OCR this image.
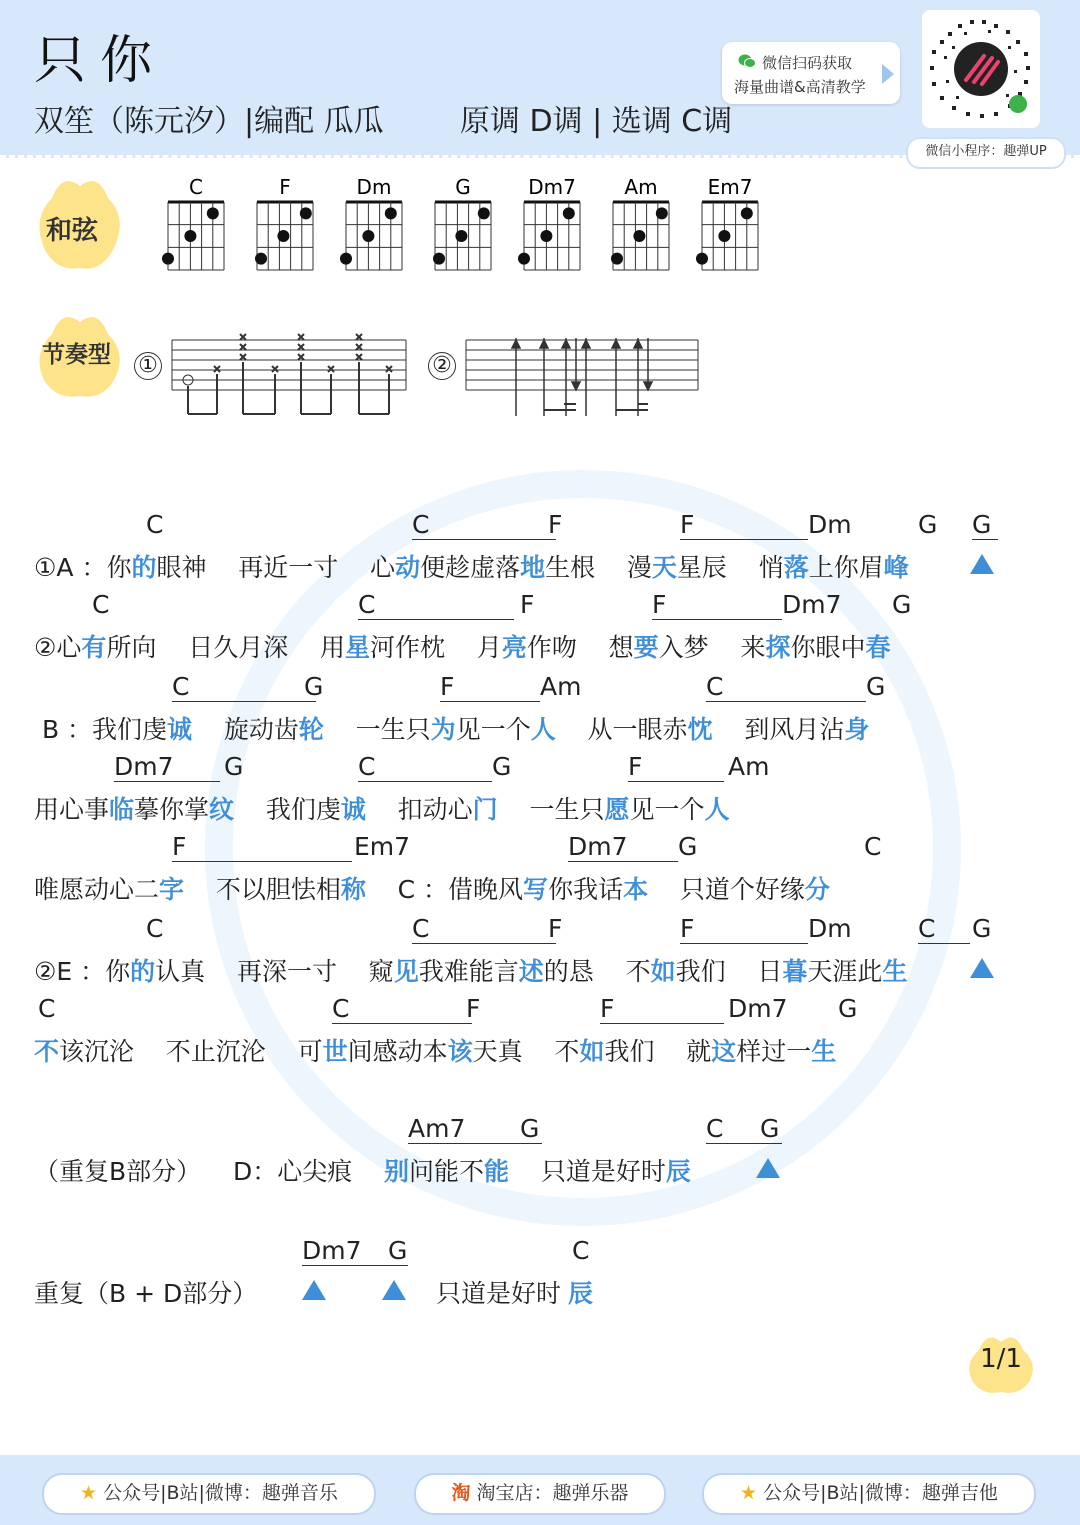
只你
双笙（陈元汐）|编配 瓜瓜        原调 D调 | 选调 C调
微信扫码获取
海量曲谱&高清教学
微信小程序：趣弹UP
和弦
C	F	Dm	G	Dm7 Am Em7
节奏型 ①	②
C	C	F	F	Dm	G G
①A ：你的眼神    再近一寸    心动便趁虚落地生根    漫天星辰    悄落上你眉峰
C	C	F	F	Dm7 G
②心有所向    日久月深    用星河作枕    月亮作吻    想要入梦    来探你眼中春
C	G	F	Am	C	G
B ：我们虔诚    旋动齿轮    一生只为见一个人    从一眼赤忱    到风月沾身
Dm7	G	C	G	F	Am
用心事临摹你掌纹    我们虔诚    扣动心门    一生只愿见一个人
F	Em7	Dm7	G	C
唯愿动心二字    不以胆怯相称    C ：借晚风写你我话本    只道个好缘分
C	C	F	F	Dm	C	G
②E ：你的认真    再深一寸    窥见我难能言述的恳    不如我们    日暮天涯此生
C	C	F	F	Dm7 G
不该沉沦    不止沉沦    可世间感动本该天真    不如我们    就这样过一生
Am7	G	C	G
（重复B部分）    D：心尖痕    别问能不能    只道是好时辰
Dm7	G	C
重复（B + D部分）	只道是好时 辰
1/1
★ 公众号|B站|微博：趣弹音乐	淘 淘宝店：趣弹乐器	★ 公众号|B站|微博：趣弹吉他
